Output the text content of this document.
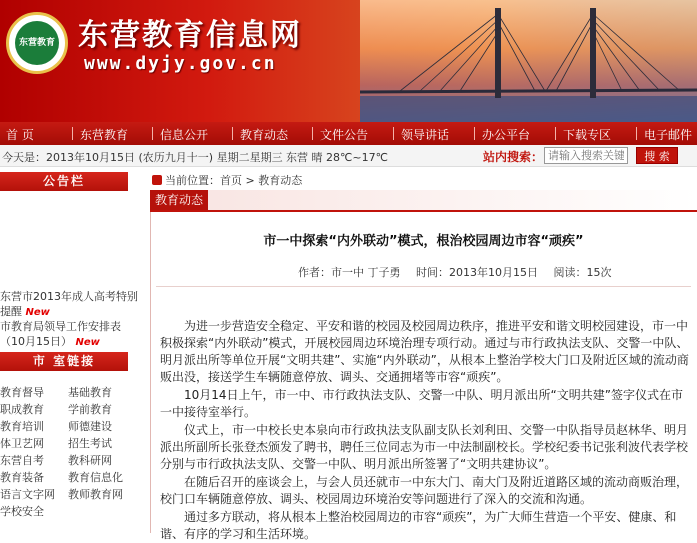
东营教育 东营教育信息网
www.dyjy.gov.cn
首 页	东营教育	信息公开	教育动态	文件公告	领导讲话	办公平台	下载专区	电子邮件
今天是：2013年10月15日 (农历九月十一) 星期二星期三 东营 晴 28℃~17℃	站内搜索：
请输入搜索关键字	搜 索
公告栏
东营市2013年成人高考特别提醒 New
市教育局领导工作安排表（10月15日） New
市 室链接
教育督导 基础教育
职成教育 学前教育
教育培训 师德建设
体卫艺网 招生考试
东营自考 教科研网
教育装备 教育信息化
语言文字网 教师教育网
学校安全
当前位置：首页 > 教育动态
教育动态
市一中探索“内外联动”模式，根治校园周边市容“顽疾”
作者：市一中 丁子勇 时间：2013年10月15日 阅读：15次
为进一步营造安全稳定、平安和谐的校园及校园周边秩序，推进平安和谐文明校园建设，市一中积极探索“内外联动”模式，开展校园周边环境治理专项行动。通过与市行政执法支队、交警一中队、明月派出所等单位开展“文明共建”、实施“内外联动”，从根本上整治学校大门口及附近区域的流动商贩出没，接送学生车辆随意停放、调头、交通拥堵等市容“顽疾”。
10月14日上午，市一中、市行政执法支队、交警一中队、明月派出所“文明共建”签字仪式在市一中接待室举行。
仪式上，市一中校长史本泉向市行政执法支队副支队长刘利田、交警一中队指导员赵林华、明月派出所副所长张登杰颁发了聘书，聘任三位同志为市一中法制副校长。学校纪委书记张利波代表学校分别与市行政执法支队、交警一中队、明月派出所签署了“文明共建协议”。
在随后召开的座谈会上，与会人员还就市一中东大门、南大门及附近道路区域的流动商贩治理，校门口车辆随意停放、调头、校园周边环境治安等问题进行了深入的交流和沟通。
通过多方联动，将从根本上整治校园周边的市容“顽疾”，为广大师生营造一个平安、健康、和谐、有序的学习和生活环境。
